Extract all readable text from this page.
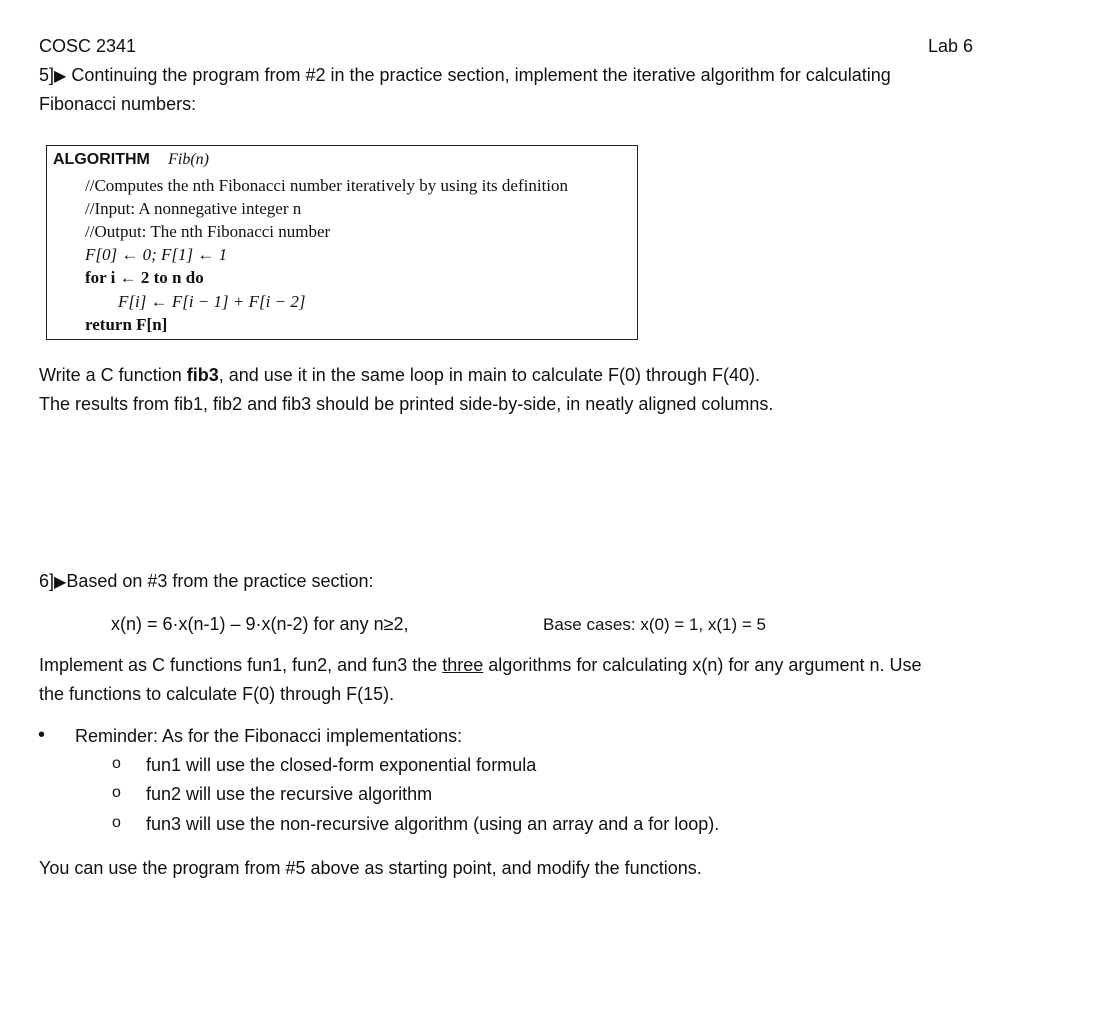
COSC 2341	Lab 6
5]▶ Continuing the program from #2 in the practice section, implement the iterative algorithm for calculating
Fibonacci numbers:
ALGORITHM Fib(n)
//Computes the nth Fibonacci number iteratively by using its definition
//Input: A nonnegative integer n
//Output: The nth Fibonacci number
F[0] ← 0; F[1] ← 1
for i ← 2 to n do
F[i] ← F[i − 1] + F[i − 2]
return F[n]
Write a C function fib3, and use it in the same loop in main to calculate F(0) through F(40).
The results from fib1, fib2 and fib3 should be printed side-by-side, in neatly aligned columns.
6]▶Based on #3 from the practice section:
x(n) = 6·x(n-1) – 9·x(n-2) for any n≥2,	Base cases: x(0) = 1, x(1) = 5
Implement as C functions fun1, fun2, and fun3 the three algorithms for calculating x(n) for any argument n. Use
the functions to calculate F(0) through F(15).
• Reminder: As for the Fibonacci implementations:
o fun1 will use the closed-form exponential formula
o fun2 will use the recursive algorithm
o fun3 will use the non-recursive algorithm (using an array and a for loop).
You can use the program from #5 above as starting point, and modify the functions.
